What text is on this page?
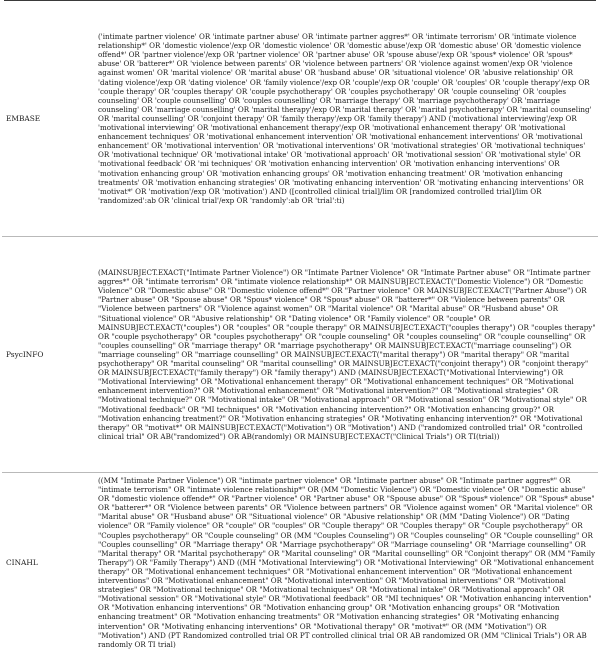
EMBASE	('intimate partner violence' OR 'intimate partner abuse' OR 'intimate partner aggres*' OR 'intimate terrorism' OR 'intimate violence relationship*' OR 'domestic violence'/exp OR 'domestic violence' OR 'domestic abuse'/exp OR 'domestic abuse' OR 'domestic violence offend*' OR 'partner violence'/exp OR 'partner violence' OR 'partner abuse' OR 'spouse abuse'/exp OR 'spous* violence' OR 'spous* abuse' OR 'batterer*' OR 'violence between parents' OR 'violence between partners' OR 'violence against women'/exp OR 'violence against women' OR 'marital violence' OR 'marital abuse' OR 'husband abuse' OR 'situational violence' OR 'abusive relationship' OR 'dating violence'/exp OR 'dating violence' OR 'family violence'/exp OR 'couple'/exp OR 'couple' OR 'couples' OR 'couple therapy'/exp OR 'couple therapy' OR 'couples therapy' OR 'couple psychotherapy' OR 'couples psychotherapy' OR 'couple counseling' OR 'couples counseling' OR 'couple counselling' OR 'couples counselling' OR 'marriage therapy' OR 'marriage psychotherapy' OR 'marriage counseling' OR 'marriage counselling' OR 'marital therapy'/exp OR 'marital therapy' OR 'marital psychotherapy' OR 'marital counseling' OR 'marital counselling' OR 'conjoint therapy' OR 'family therapy'/exp OR 'family therapy') AND ('motivational interviewing'/exp OR 'motivational interviewing' OR 'motivational enhancement therapy'/exp OR 'motivational enhancement therapy' OR 'motivational enhancement techniques' OR 'motivational enhancement intervention' OR 'motivational enhancement interventions' OR 'motivational enhancement' OR 'motivational intervention' OR 'motivational interventions' OR 'motivational strategies' OR 'motivational techniques' OR 'motivational technique' OR 'motivational intake' OR 'motivational approach' OR 'motivational session' OR 'motivational style' OR 'motivational feedback' OR 'mi techniques' OR 'motivation enhancing intervention' OR 'motivation enhancing interventions' OR 'motivation enhancing group' OR 'motivation enhancing groups' OR 'motivation enhancing treatment' OR 'motivation enhancing treatments' OR 'motivation enhancing strategies' OR 'motivating enhancing intervention' OR 'motivating enhancing interventions' OR 'motivat*' OR 'motivation'/exp OR 'motivation') AND ([controlled clinical trial]/lim OR [randomized controlled trial]/lim OR 'randomized':ab OR 'clinical trial'/exp OR 'randomly':ab OR 'trial':ti)
PsycINFO	(MAINSUBJECT.EXACT("Intimate Partner Violence") OR "Intimate Partner Violence" OR "Intimate Partner abuse" OR "Intimate partner aggres*" OR "intimate terrorism" OR "intimate violence relationship*" OR MAINSUBJECT.EXACT("Domestic Violence") OR "Domestic Violence" OR "Domestic abuse" OR "Domestic violence offend*" OR "Partner violence" OR MAINSUBJECT.EXACT("Partner Abuse") OR "Partner abuse" OR "Spouse abuse" OR "Spous* violence" OR "Spous* abuse" OR "batterer*" OR "Violence between parents" OR "Violence between partners" OR "Violence against women" OR "Marital violence" OR "Marital abuse" OR "Husband abuse" OR "Situational violence" OR "Abusive relationship" OR "Dating violence" OR "Family violence" OR "couple" OR MAINSUBJECT.EXACT("couples") OR "couples" OR "couple therapy" OR MAINSUBJECT.EXACT("couples therapy") OR "couples therapy" OR "couple psychotherapy" OR "couples psychotherapy" OR "couple counseling" OR "couples counseling" OR "couple counselling" OR "couples counselling" OR "marriage therapy" OR "marriage psychotherapy" OR MAINSUBJECT.EXACT("marriage counseling") OR "marriage counseling" OR "marriage counselling" OR MAINSUBJECT.EXACT("marital therapy") OR "marital therapy" OR "marital psychotherapy" OR "marital counseling" OR "marital counselling" OR MAINSUBJECT.EXACT("conjoint therapy") OR "conjoint therapy" OR MAINSUBJECT.EXACT("family therapy") OR "family therapy") AND (MAINSUBJECT.EXACT("Motivational Interviewing") OR "Motivational Interviewing" OR "Motivational enhancement therapy" OR "Motivational enhancement techniques" OR "Motivational enhancement intervention?" OR "Motivational enhancement" OR "Motivational intervention?" OR "Motivational strategies" OR "Motivational technique?" OR "Motivational intake" OR "Motivational approach" OR "Motivational session" OR "Motivational style" OR "Motivational feedback" OR "MI techniques" OR "Motivation enhancing intervention?" OR "Motivation enhancing group?" OR "Motivation enhancing treatment?" OR "Motivation enhancing strategies" OR "Motivating enhancing intervention?" OR "Motivational therapy" OR "motivat*" OR MAINSUBJECT.EXACT("Motivation") OR "Motivation") AND ("randomized controlled trial" OR "controlled clinical trial" OR AB("randomized") OR AB(randomly) OR MAINSUBJECT.EXACT("Clinical Trials") OR TI(trial))
CINAHL	((MM "Intimate Partner Violence") OR "intimate partner violence" OR "Intimate partner abuse" OR "Intimate partner aggres*" OR "intimate terrorism" OR "intimate violence relationship*" OR (MM "Domestic Violence") OR "Domestic violence" OR "Domestic abuse" OR "domestic violence offende*" OR "Partner violence" OR "Partner abuse" OR "Spouse abuse" OR "Spous* violence" OR "Spous* abuse" OR "batterer*" OR "Violence between parents" OR "Violence between partners" OR "Violence against women" OR "Marital violence" OR "Marital abuse" OR "Husband abuse" OR "Situational violence" OR "Abusive relationship" OR (MM "Dating Violence") OR "Dating violence" OR "Family violence" OR "couple" OR "couples" OR "Couple therapy" OR "Couples therapy" OR "Couple psychotherapy" OR "Couples psychotherapy" OR "Couple counseling" OR (MM "Couples Counseling") OR "Couples counseling" OR "Couple counselling" OR "Couples counselling" OR "Marriage therapy" OR "Marriage psychotherapy" OR "Marriage counseling" OR "Marriage counselling" OR "Marital therapy" OR "Marital psychotherapy" OR "Marital counseling" OR "Marital counselling" OR "Conjoint therapy" OR (MM "Family Therapy") OR "Family Therapy") AND ((MH "Motivational Interviewing") OR "Motivational Interviewing" OR "Motivational enhancement therapy" OR "Motivational enhancement techniques" OR "Motivational enhancement intervention" OR "Motivational enhancement interventions" OR "Motivational enhancement" OR "Motivational intervention" OR "Motivational interventions" OR "Motivational strategies" OR "Motivational technique" OR "Motivational techniques" OR "Motivational intake" OR "Motivational approach" OR "Motivational session" OR "Motivational style" OR "Motivational feedback" OR "MI techniques" OR "Motivation enhancing intervention" OR "Motivation enhancing interventions" OR "Motivation enhancing group" OR "Motivation enhancing groups" OR "Motivation enhancing treatment" OR "Motivation enhancing treatments" OR "Motivation enhancing strategies" OR "Motivating enhancing intervention" OR "Motivating enhancing interventions" OR "Motivational therapy" OR "motivat*" OR (MM "Motivation") OR "Motivation") AND (PT Randomized controlled trial OR PT controlled clinical trial OR AB randomized OR (MM "Clinical Trials") OR AB randomly OR TI trial)
